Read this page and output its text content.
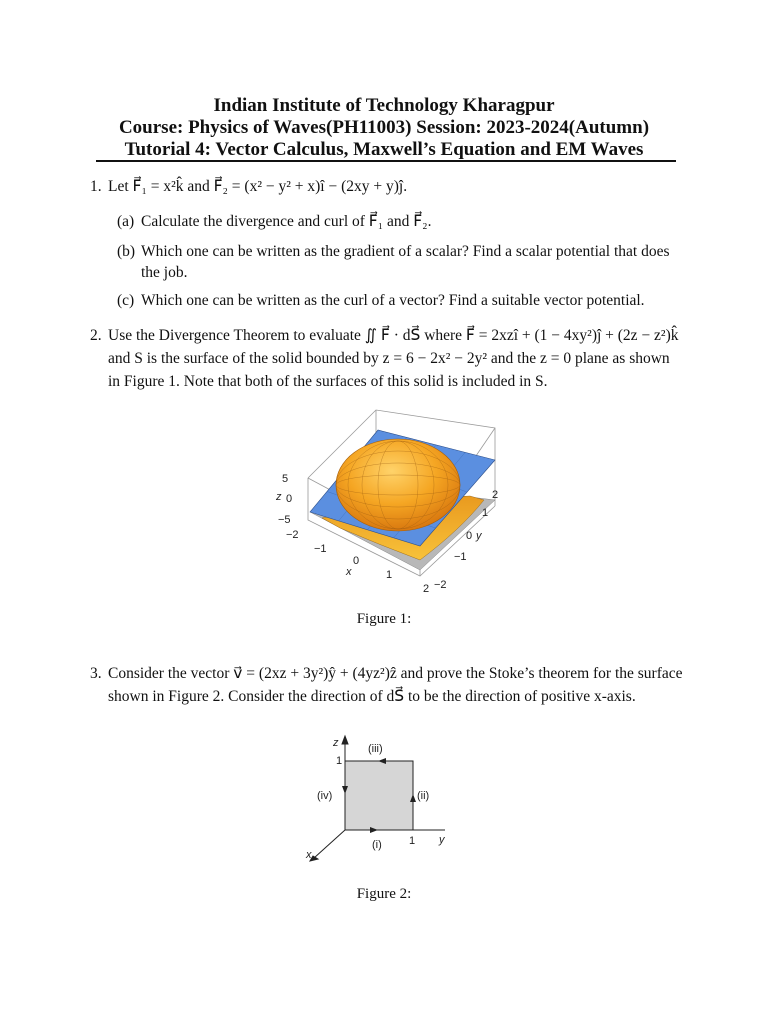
Indian Institute of Technology Kharagpur
Course: Physics of Waves(PH11003) Session: 2023-2024(Autumn)
Tutorial 4: Vector Calculus, Maxwell’s Equation and EM Waves
1. Let F⃗₁ = x²k̂ and F⃗₂ = (x² − y² + x)î − (2xy + y)ĵ.
(a) Calculate the divergence and curl of F⃗₁ and F⃗₂.
(b) Which one can be written as the gradient of a scalar? Find a scalar potential that does
the job.
(c) Which one can be written as the curl of a vector? Find a suitable vector potential.
2. Use the Divergence Theorem to evaluate ∬ F⃗ · dS⃗ where F⃗ = 2xzî + (1 − 4xy²)ĵ + (2z − z²)k̂
and S is the surface of the solid bounded by z = 6 − 2x² − 2y² and the z = 0 plane as shown
in Figure 1. Note that both of the surfaces of this solid is included in S.
5
z 0
−5
−2
−1
0
x	1
2
2
1
0 y
−1
−2
Figure 1:
3. Consider the vector v⃗ = (2xz + 3y²)ŷ + (4yz²)ẑ and prove the Stoke’s theorem for the surface
shown in Figure 2. Consider the direction of dS⃗ to be the direction of positive x-axis.
z
1
(iii)
(iv)	(ii)
(i) 1 y
x
Figure 2:
